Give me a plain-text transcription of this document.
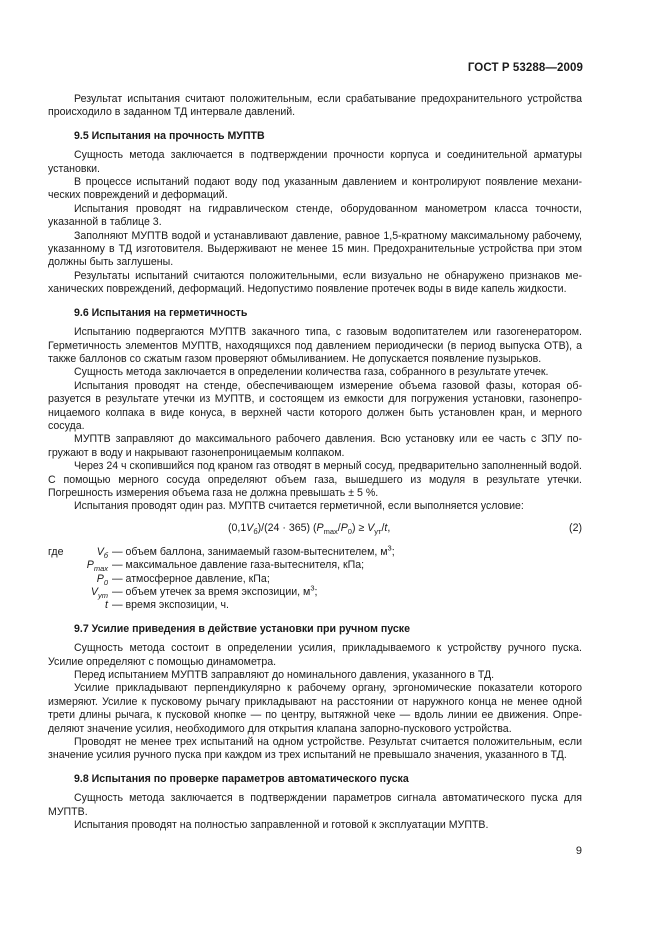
ГОСТ Р 53288—2009

Результат испытания считают положительным, если срабатывание предохранительного устройства происходило в заданном ТД интервале давлений.

9.5 Испытания на прочность МУПТВ

Сущность метода заключается в подтверждении прочности корпуса и соединительной арматуры установки.

В процессе испытаний подают воду под указанным давлением и контролируют появление механических повреждений и деформаций.

Испытания проводят на гидравлическом стенде, оборудованном манометром класса точности, указанной в таблице 3.

Заполняют МУПТВ водой и устанавливают давление, равное 1,5-кратному максимальному рабочему, указанному в ТД изготовителя. Выдерживают не менее 15 мин. Предохранительные устройства при этом должны быть заглушены.

Результаты испытаний считаются положительными, если визуально не обнаружено признаков механических повреждений, деформаций. Недопустимо появление протечек воды в виде капель жидкости.

9.6 Испытания на герметичность

Испытанию подвергаются МУПТВ закачного типа, с газовым водопитателем или газогенератором. Герметичность элементов МУПТВ, находящихся под давлением периодически (в период выпуска ОТВ), а также баллонов со сжатым газом проверяют обмыливанием. Не допускается появление пузырьков.

Сущность метода заключается в определении количества газа, собранного в результате утечек.

Испытания проводят на стенде, обеспечивающем измерение объема газовой фазы, которая образуется в результате утечки из МУПТВ, и состоящем из емкости для погружения установки, газонепроницаемого колпака в виде конуса, в верхней части которого должен быть установлен кран, и мерного сосуда.

МУПТВ заправляют до максимального рабочего давления. Всю установку или ее часть с ЗПУ погружают в воду и накрывают газонепроницаемым колпаком.

Через 24 ч скопившийся под краном газ отводят в мерный сосуд, предварительно заполненный водой. С помощью мерного сосуда определяют объем газа, вышедшего из модуля в результате утечки. Погрешность измерения объема газа не должна превышать ± 5 %.

Испытания проводят один раз. МУПТВ считается герметичной, если выполняется условие:

$(0,1V_б)/(24 \cdot 365) (P_{max}/P_0) \ge V_{ут}/t$,	(2)
где	$V_б$ — объем баллона, занимаемый газом-вытеснителем, $м^3$;
$P_{max}$ — максимальное давление газа-вытеснителя, кПа;
$P_0$ — атмосферное давление, кПа;
$V_{ут}$ — объем утечек за время экспозиции, $м^3$;
t — время экспозиции, ч.
9.7 Усилие приведения в действие установки при ручном пуске

Сущность метода состоит в определении усилия, прикладываемого к устройству ручного пуска. Усилие определяют с помощью динамометра.

Перед испытанием МУПТВ заправляют до номинального давления, указанного в ТД.

Усилие прикладывают перпендикулярно к рабочему органу, эргономические показатели которого измеряют. Усилие к пусковому рычагу прикладывают на расстоянии от наружного конца не менее одной трети длины рычага, к пусковой кнопке — по центру, вытяжной чеке — вдоль линии ее движения. Определяют значение усилия, необходимого для открытия клапана запорно-пускового устройства.

Проводят не менее трех испытаний на одном устройстве. Результат считается положительным, если значение усилия ручного пуска при каждом из трех испытаний не превышало значения, указанного в ТД.

9.8 Испытания по проверке параметров автоматического пуска

Сущность метода заключается в подтверждении параметров сигнала автоматического пуска для МУПТВ.

Испытания проводят на полностью заправленной и готовой к эксплуатации МУПТВ.

9
